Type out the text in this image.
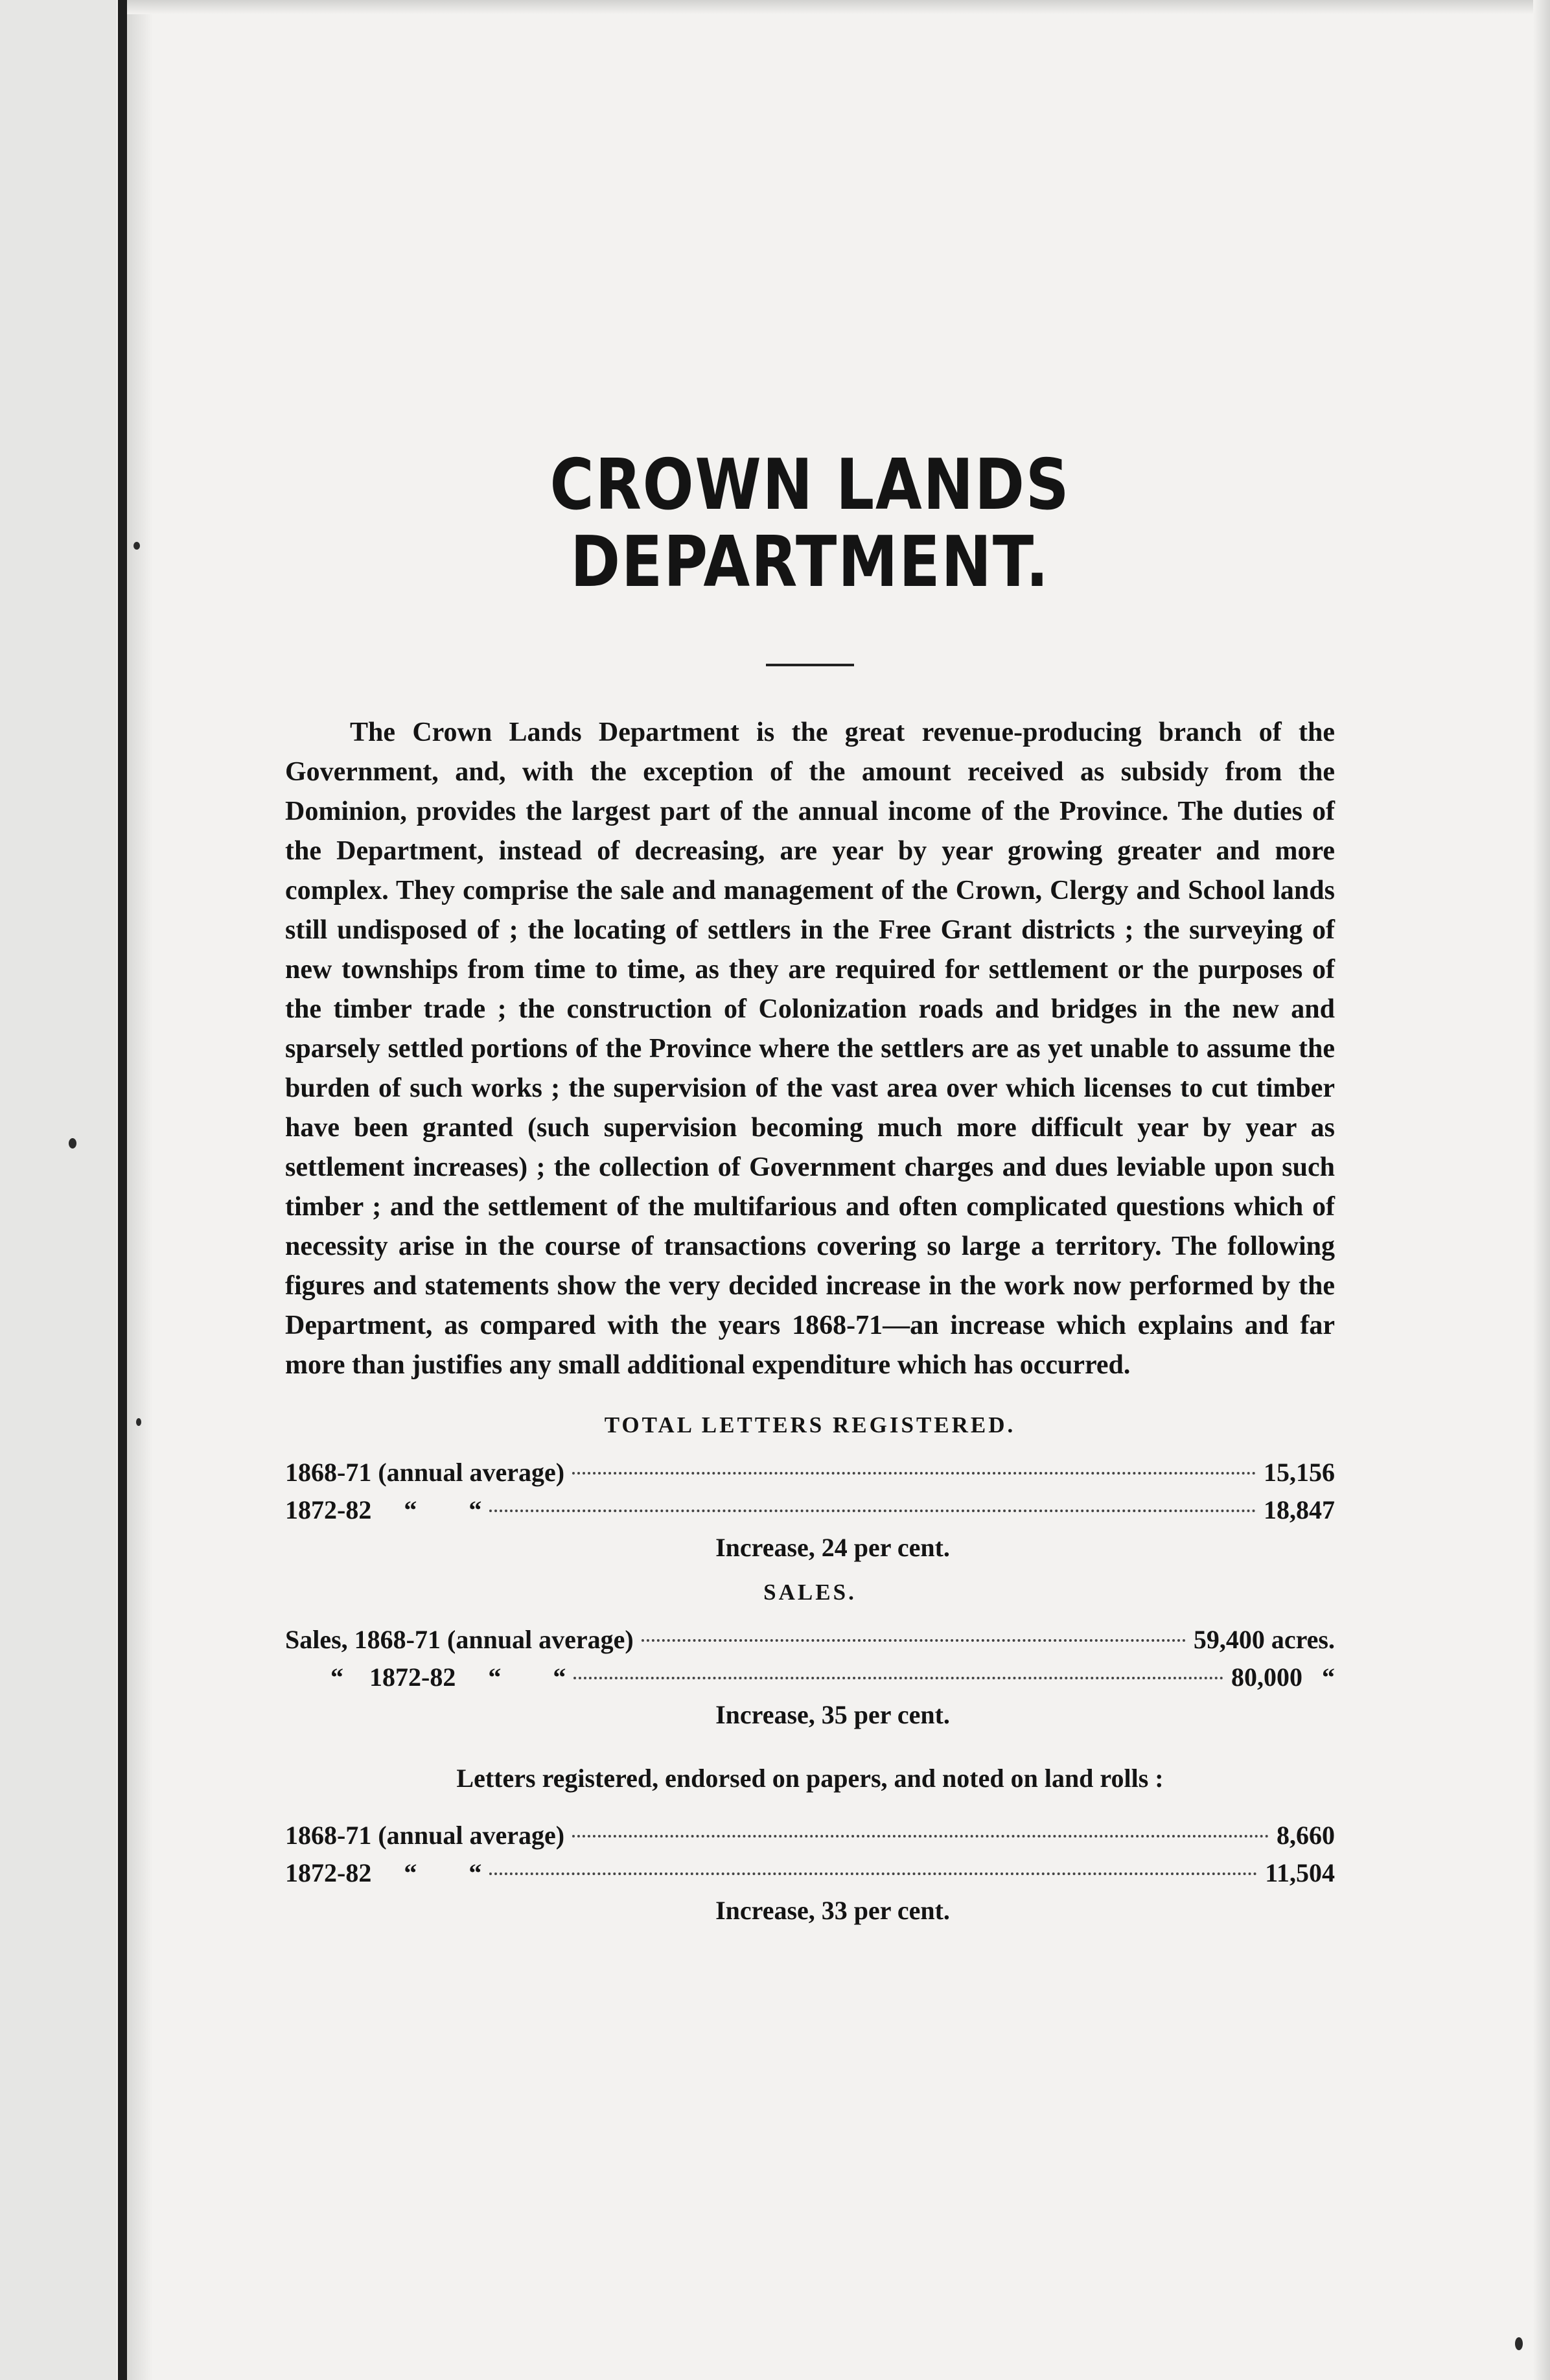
CROWN LANDS DEPARTMENT.

The Crown Lands Department is the great revenue-producing branch of the Government, and, with the exception of the amount received as subsidy from the Dominion, provides the largest part of the annual income of the Province. The duties of the Department, instead of decreasing, are year by year growing greater and more complex. They comprise the sale and management of the Crown, Clergy and School lands still undisposed of ; the locating of settlers in the Free Grant districts ; the surveying of new townships from time to time, as they are required for settlement or the purposes of the timber trade ; the construction of Colonization roads and bridges in the new and sparsely settled portions of the Province where the settlers are as yet unable to assume the burden of such works ; the supervision of the vast area over which licenses to cut timber have been granted (such supervision becoming much more difficult year by year as settlement increases) ; the collection of Government charges and dues leviable upon such timber ; and the settlement of the multifarious and often complicated questions which of necessity arise in the course of transactions covering so large a territory. The following figures and statements show the very decided increase in the work now performed by the Department, as compared with the years 1868-71—an increase which explains and far more than justifies any small additional expenditure which has occurred.

TOTAL LETTERS REGISTERED.
1868-71 (annual average)	15,156
1872-82     “        “	18,847
Increase, 24 per cent.
SALES.
Sales, 1868-71 (annual average)	59,400 acres.
“    1872-82     “        “	80,000   “
Increase, 35 per cent.
Letters registered, endorsed on papers, and noted on land rolls :
1868-71 (annual average)	8,660
1872-82     “        “	11,504
Increase, 33 per cent.
